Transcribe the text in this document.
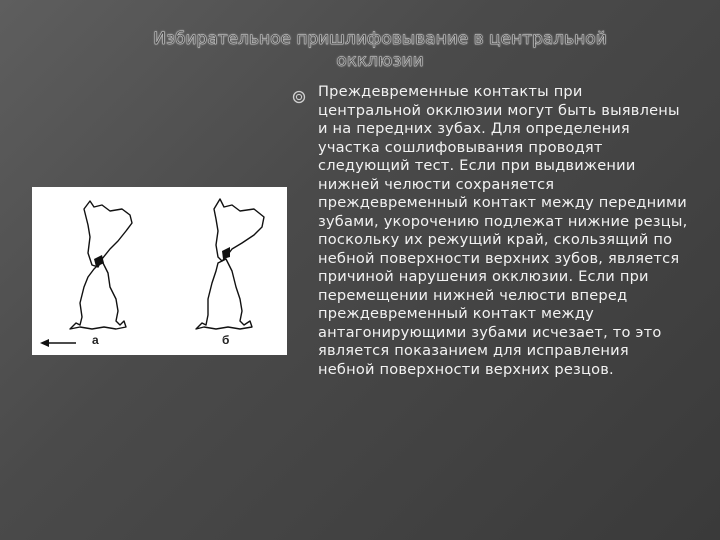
Избирательное пришлифовывание в центральной
окклюзии
а	б
Преждевременные контакты при центральной окклюзии могут быть выявлены и на передних зубах. Для определения участка сошлифовывания проводят следующий тест. Если при выдвижении нижней челюсти сохраняется преждевременный контакт между передними зубами, укорочению подлежат нижние резцы, поскольку их режущий край, скользящий по небной поверхности верхних зубов, является причиной нарушения окклюзии. Если при перемещении нижней челюсти вперед преждевременный контакт между антагонирующими зубами исчезает, то это является показанием для исправления небной поверхности верхних резцов.
